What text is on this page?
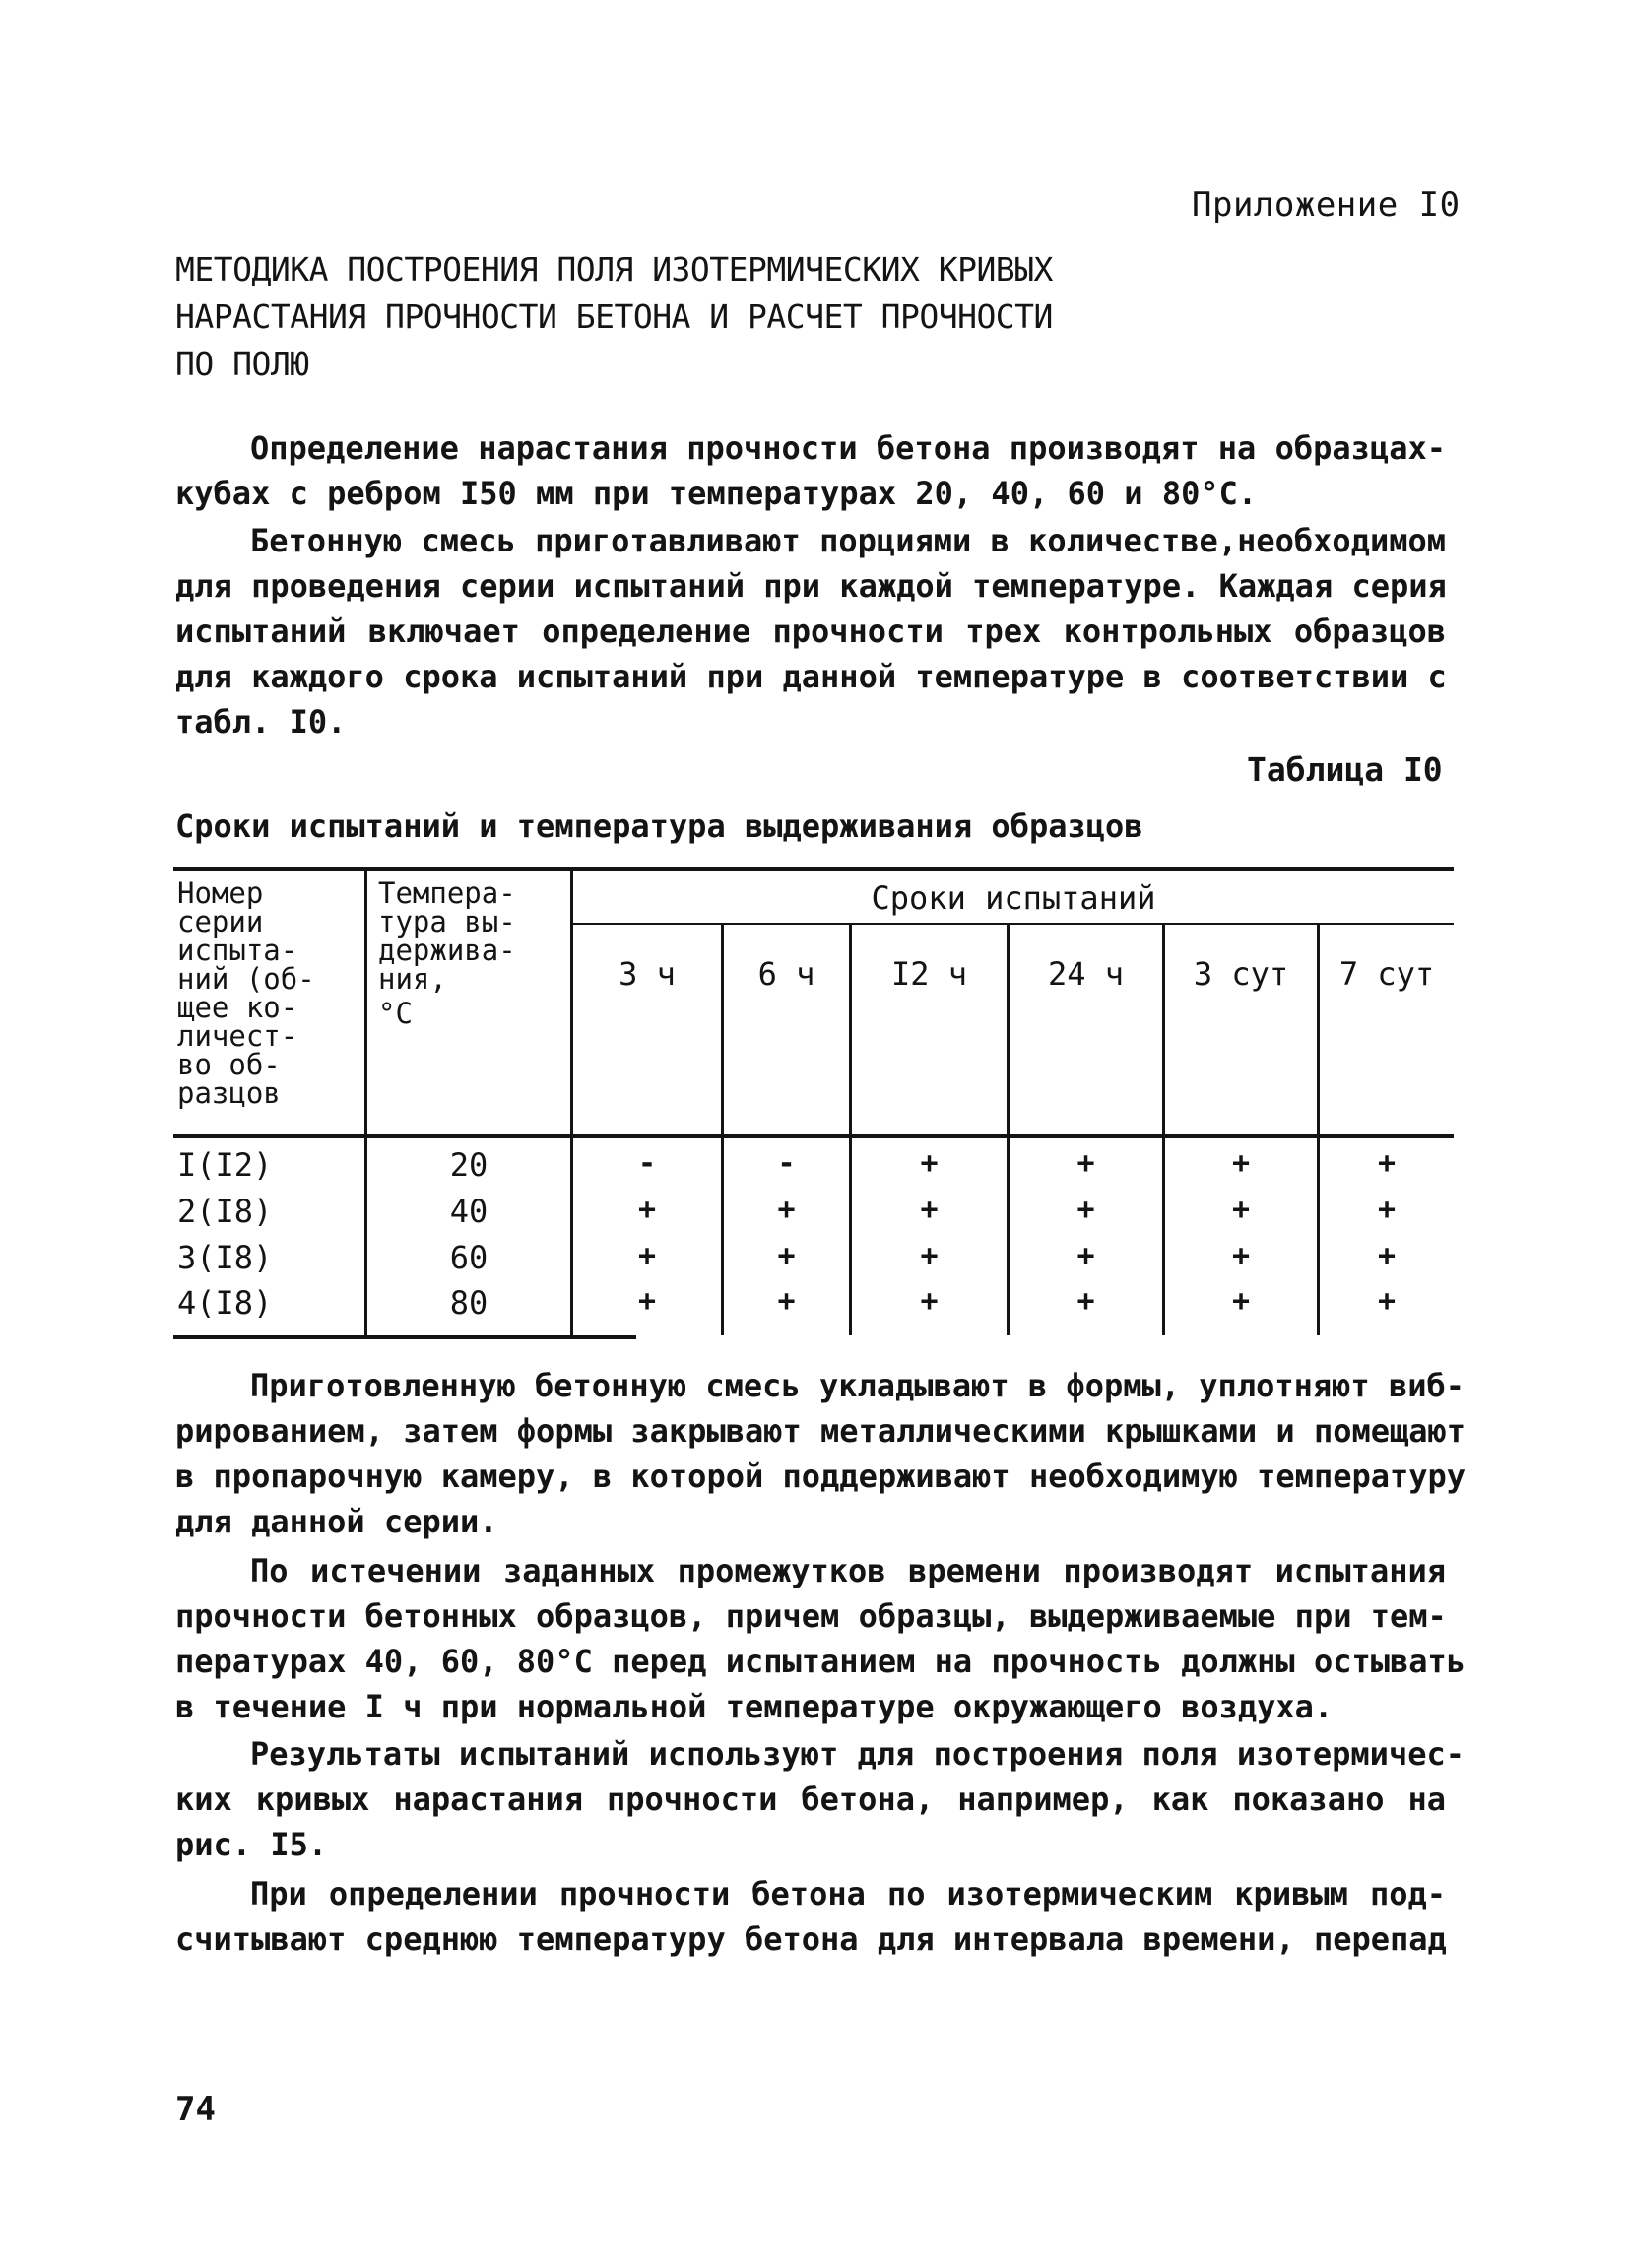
Приложение I0
МЕТОДИКА ПОСТРОЕНИЯ ПОЛЯ ИЗОТЕРМИЧЕСКИХ КРИВЫХ
НАРАСТАНИЯ ПРОЧНОСТИ БЕТОНА И РАСЧЕТ ПРОЧНОСТИ
ПО ПОЛЮ
Определение нарастания прочности бетона производят на образцах-
кубах с ребром I50 мм при температурах 20, 40, 60 и 80°С.
Бетонную смесь приготавливают порциями в количестве,необходимом
для проведения серии испытаний при каждой температуре. Каждая серия
испытаний включает определение прочности трех контрольных образцов
для каждого срока испытаний при данной температуре в соответствии с
табл. I0.
Таблица I0
Сроки испытаний и температура выдерживания образцов
Номер
серии
испыта-
ний (об-
щее ко-
личест-
во об-
разцов
Темпера-
тура вы-
держива-
ния,
°С
Сроки испытаний
3 ч	6 ч	I2 ч	24 ч	3 сут	7 сут
I(I2)	20	-	-	+	+	+	+
2(I8)	40	+	+	+	+	+	+
3(I8)	60	+	+	+	+	+	+
4(I8)	80	+	+	+	+	+	+
Приготовленную бетонную смесь укладывают в формы, уплотняют виб-
рированием, затем формы закрывают металлическими крышками и помещают
в пропарочную камеру, в которой поддерживают необходимую температуру
для данной серии.
По истечении заданных промежутков времени производят испытания
прочности бетонных образцов, причем образцы, выдерживаемые при тем-
пературах 40, 60, 80°С перед испытанием на прочность должны остывать
в течение I ч при нормальной температуре окружающего воздуха.
Результаты испытаний используют для построения поля изотермичес-
ких кривых нарастания прочности бетона, например, как показано на
рис. I5.
При определении прочности бетона по изотермическим кривым под-
считывают среднюю температуру бетона для интервала времени, перепад
74
